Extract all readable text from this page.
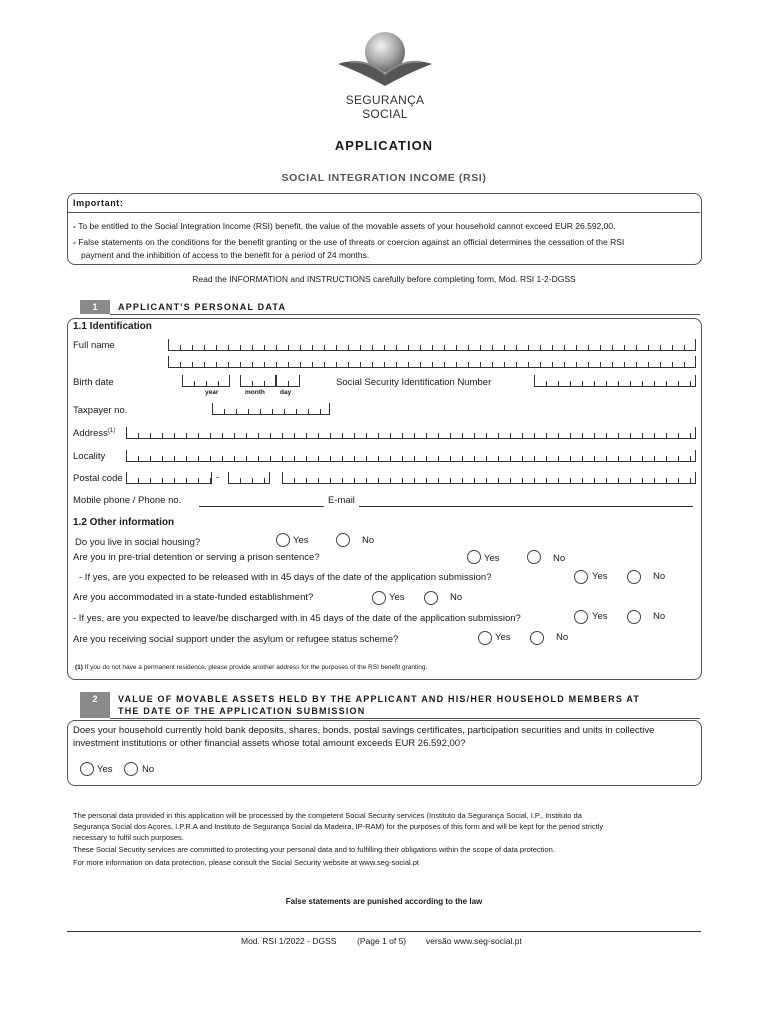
SEGURANÇA SOCIAL
APPLICATION
SOCIAL INTEGRATION INCOME (RSI)
Important:
- To be entitled to the Social Integration Income (RSI) benefit, the value of the movable assets of your household cannot exceed EUR 26.592,00.
- False statements on the conditions for the benefit granting or the use of threats or coercion against an official determines the cessation of the RSI
payment and the inhibition of access to the benefit for a period of 24 months.
Read the INFORMATION and INSTRUCTIONS carefully before completing form, Mod. RSI 1-2-DGSS
1	APPLICANT'S PERSONAL DATA
1.1 Identification
Full name
Birth date
year	month day
Social Security Identification Number
Taxpayer no.
Address$^{(1)}$
Locality
Postal code	-
Mobile phone / Phone no.	E-mail
1.2 Other information
Do you live in social housing?	Yes	No
Are you in pre-trial detention or serving a prison sentence?	Yes	No
- If yes, are you expected to be released with in 45 days of the date of the application submission?	Yes	No
Are you accommodated in a state-funded establishment?	Yes	No
- If yes, are you expected to leave/be discharged with in 45 days of the date of the application submission?	Yes	No
Are you receiving social support under the asylum or refugee status scheme?	Yes	No
(1) If you do not have a permanent residence, please provide another address for the purposes of the RSI benefit granting.
2	VALUE OF MOVABLE ASSETS HELD BY THE APPLICANT AND HIS/HER HOUSEHOLD MEMBERS AT
THE DATE OF THE APPLICATION SUBMISSION
Does your household currently hold bank deposits, shares, bonds, postal savings certificates, participation securities and units in collective
investment institutions or other financial assets whose total amount exceeds EUR 26.592,00?
Yes	No
The personal data provided in this application will be processed by the competent Social Security services (Instituto da Segurança Social, I.P., Instituto da
Segurança Social dos Açores, I.P.R.A and Instituto de Segurança Social da Madeira, IP-RAM) for the purposes of this form and will be kept for the period strictly
necessary to fulfil such purposes.
These Social Security services are committed to protecting your personal data and to fulfilling their obligations within the scope of data protection.
For more information on data protection, please consult the Social Security website at www.seg-social.pt
False statements are punished according to the law
Mod. RSI 1/2022 - DGSS (Page 1 of 5) versão www.seg-social.pt
